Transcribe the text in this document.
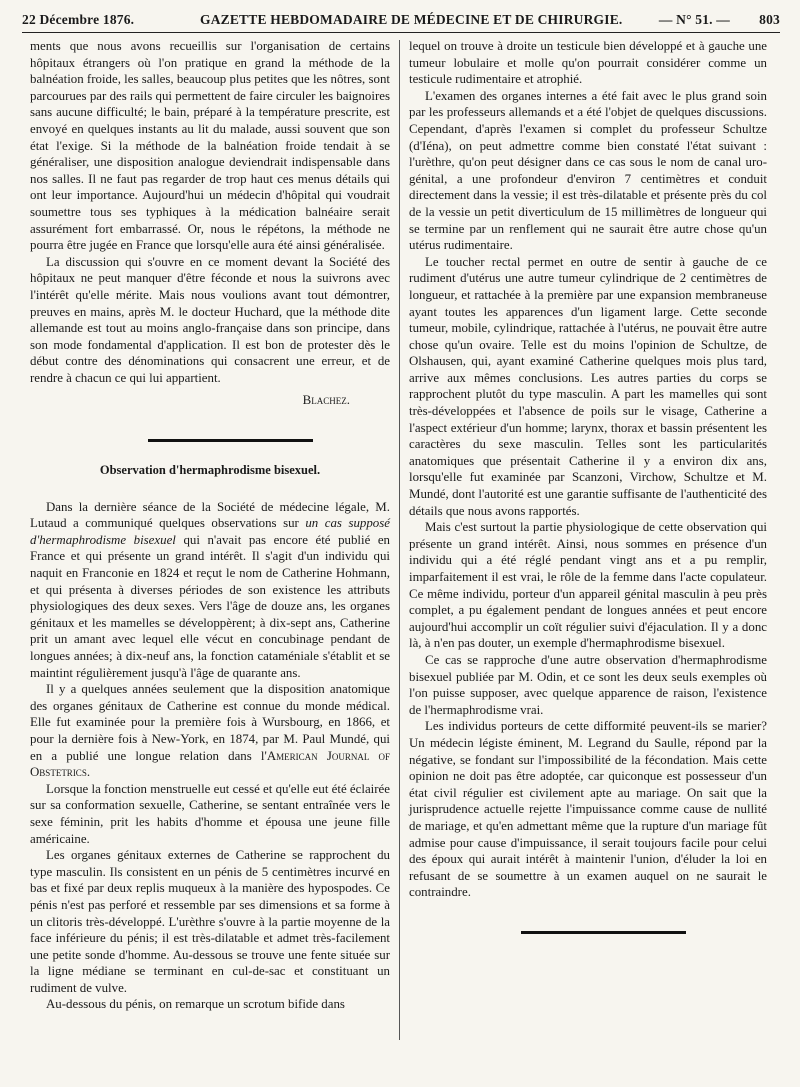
22 Décembre 1876.	GAZETTE HEBDOMADAIRE DE MÉDECINE ET DE CHIRURGIE.	— N° 51. — 803

ments que nous avons recueillis sur l'organisation de certains hôpitaux étrangers où l'on pratique en grand la méthode de la balnéation froide, les salles, beaucoup plus petites que les nôtres, sont parcourues par des rails qui permettent de faire circuler les baignoires sans aucune difficulté; le bain, préparé à la température prescrite, est envoyé en quelques instants au lit du malade, aussi souvent que son état l'exige. Si la méthode de la balnéation froide tendait à se généraliser, une disposition analogue deviendrait indispensable dans nos salles. Il ne faut pas regarder de trop haut ces menus détails qui ont leur importance. Aujourd'hui un médecin d'hôpital qui voudrait soumettre tous ses typhiques à la médication balnéaire serait assurément fort embarrassé. Or, nous le répétons, la méthode ne pourra être jugée en France que lorsqu'elle aura été ainsi généralisée.

La discussion qui s'ouvre en ce moment devant la Société des hôpitaux ne peut manquer d'être féconde et nous la suivrons avec l'intérêt qu'elle mérite. Mais nous voulions avant tout démontrer, preuves en mains, après M. le docteur Huchard, que la méthode dite allemande est tout au moins anglo-française dans son principe, dans son mode fondamental d'application. Il est bon de protester dès le début contre des dénominations qui consacrent une erreur, et de rendre à chacun ce qui lui appartient.

Blachez.
Observation d'hermaphrodisme bisexuel.

Dans la dernière séance de la Société de médecine légale, M. Lutaud a communiqué quelques observations sur un cas supposé d'hermaphrodisme bisexuel qui n'avait pas encore été publié en France et qui présente un grand intérêt. Il s'agit d'un individu qui naquit en Franconie en 1824 et reçut le nom de Catherine Hohmann, et qui présenta à diverses périodes de son existence les attributs physiologiques des deux sexes. Vers l'âge de douze ans, les organes génitaux et les mamelles se développèrent; à dix-sept ans, Catherine prit un amant avec lequel elle vécut en concubinage pendant de longues années; à dix-neuf ans, la fonction cataméniale s'établit et se maintint régulièrement jusqu'à l'âge de quarante ans.

Il y a quelques années seulement que la disposition anatomique des organes génitaux de Catherine est connue du monde médical. Elle fut examinée pour la première fois à Wursbourg, en 1866, et pour la dernière fois à New-York, en 1874, par M. Paul Mundé, qui en a publié une longue relation dans l'American Journal of Obstetrics.

Lorsque la fonction menstruelle eut cessé et qu'elle eut été éclairée sur sa conformation sexuelle, Catherine, se sentant entraînée vers le sexe féminin, prit les habits d'homme et épousa une jeune fille américaine.

Les organes génitaux externes de Catherine se rapprochent du type masculin. Ils consistent en un pénis de 5 centimètres incurvé en bas et fixé par deux replis muqueux à la manière des hypospodes. Ce pénis n'est pas perforé et ressemble par ses dimensions et sa forme à un clitoris très-développé. L'urèthre s'ouvre à la partie moyenne de la face inférieure du pénis; il est très-dilatable et admet très-facilement une petite sonde d'homme. Au-dessous se trouve une fente située sur la ligne médiane se terminant en cul-de-sac et constituant un rudiment de vulve.

Au-dessous du pénis, on remarque un scrotum bifide dans

lequel on trouve à droite un testicule bien développé et à gauche une tumeur lobulaire et molle qu'on pourrait considérer comme un testicule rudimentaire et atrophié.

L'examen des organes internes a été fait avec le plus grand soin par les professeurs allemands et a été l'objet de quelques discussions. Cependant, d'après l'examen si complet du professeur Schultze (d'Iéna), on peut admettre comme bien constaté l'état suivant : l'urèthre, qu'on peut désigner dans ce cas sous le nom de canal uro-génital, a une profondeur d'environ 7 centimètres et conduit directement dans la vessie; il est très-dilatable et présente près du col de la vessie un petit diverticulum de 15 millimètres de longueur qui se termine par un renflement qui ne saurait être autre chose qu'un utérus rudimentaire.

Le toucher rectal permet en outre de sentir à gauche de ce rudiment d'utérus une autre tumeur cylindrique de 2 centimètres de longueur, et rattachée à la première par une expansion membraneuse ayant toutes les apparences d'un ligament large. Cette seconde tumeur, mobile, cylindrique, rattachée à l'utérus, ne pouvait être autre chose qu'un ovaire. Telle est du moins l'opinion de Schultze, de Olshausen, qui, ayant examiné Catherine quelques mois plus tard, arrive aux mêmes conclusions. Les autres parties du corps se rapprochent plutôt du type masculin. A part les mamelles qui sont très-développées et l'absence de poils sur le visage, Catherine a l'aspect extérieur d'un homme; larynx, thorax et bassin présentent les caractères du sexe masculin. Telles sont les particularités anatomiques que présentait Catherine il y a environ dix ans, lorsqu'elle fut examinée par Scanzoni, Virchow, Schultze et M. Mundé, dont l'autorité est une garantie suffisante de l'authenticité des détails que nous avons rapportés.

Mais c'est surtout la partie physiologique de cette observation qui présente un grand intérêt. Ainsi, nous sommes en présence d'un individu qui a été réglé pendant vingt ans et a pu remplir, imparfaitement il est vrai, le rôle de la femme dans l'acte copulateur. Ce même individu, porteur d'un appareil génital masculin à peu près complet, a pu également pendant de longues années et peut encore aujourd'hui accomplir un coït régulier suivi d'éjaculation. Il y a donc là, à n'en pas douter, un exemple d'hermaphrodisme bisexuel.

Ce cas se rapproche d'une autre observation d'hermaphrodisme bisexuel publiée par M. Odin, et ce sont les deux seuls exemples où l'on puisse supposer, avec quelque apparence de raison, l'existence de l'hermaphrodisme vrai.

Les individus porteurs de cette difformité peuvent-ils se marier? Un médecin légiste éminent, M. Legrand du Saulle, répond par la négative, se fondant sur l'impossibilité de la fécondation. Mais cette opinion ne doit pas être adoptée, car quiconque est possesseur d'un état civil régulier est civilement apte au mariage. On sait que la jurisprudence actuelle rejette l'impuissance comme cause de nullité de mariage, et qu'en admettant même que la rupture d'un mariage fût admise pour cause d'impuissance, il serait toujours facile pour celui des époux qui aurait intérêt à maintenir l'union, d'éluder la loi en refusant de se soumettre à un examen auquel on ne saurait le contraindre.
